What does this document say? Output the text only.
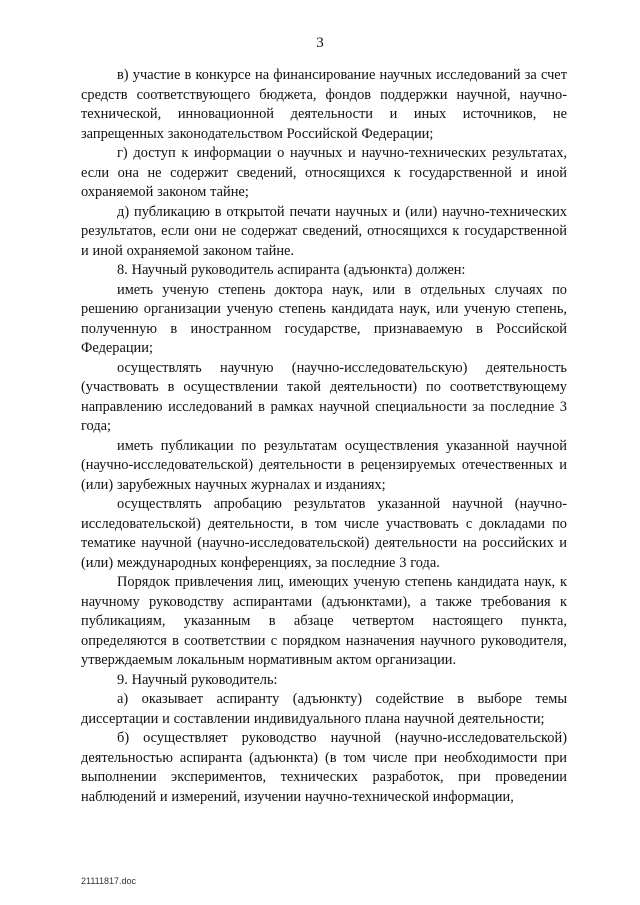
3

в) участие в конкурсе на финансирование научных исследований за счет средств соответствующего бюджета, фондов поддержки научной, научно-технической, инновационной деятельности и иных источников, не запрещенных законодательством Российской Федерации;

г) доступ к информации о научных и научно-технических результатах, если она не содержит сведений, относящихся к государственной и иной охраняемой законом тайне;

д) публикацию в открытой печати научных и (или) научно-технических результатов, если они не содержат сведений, относящихся к государственной и иной охраняемой законом тайне.

8. Научный руководитель аспиранта (адъюнкта) должен:

иметь ученую степень доктора наук, или в отдельных случаях по решению организации ученую степень кандидата наук, или ученую степень, полученную в иностранном государстве, признаваемую в Российской Федерации;

осуществлять научную (научно-исследовательскую) деятельность (участвовать в осуществлении такой деятельности) по соответствующему направлению исследований в рамках научной специальности за последние 3 года;

иметь публикации по результатам осуществления указанной научной (научно-исследовательской) деятельности в рецензируемых отечественных и (или) зарубежных научных журналах и изданиях;

осуществлять апробацию результатов указанной научной (научно-исследовательской) деятельности, в том числе участвовать с докладами по тематике научной (научно-исследовательской) деятельности на российских и (или) международных конференциях, за последние 3 года.

Порядок привлечения лиц, имеющих ученую степень кандидата наук, к научному руководству аспирантами (адъюнктами), а также требования к публикациям, указанным в абзаце четвертом настоящего пункта, определяются в соответствии с порядком назначения научного руководителя, утверждаемым локальным нормативным актом организации.

9. Научный руководитель:

а) оказывает аспиранту (адъюнкту) содействие в выборе темы диссертации и составлении индивидуального плана научной деятельности;

б) осуществляет руководство научной (научно-исследовательской) деятельностью аспиранта (адъюнкта) (в том числе при необходимости при выполнении экспериментов, технических разработок, при проведении наблюдений и измерений, изучении научно-технической информации,

21111817.doc
